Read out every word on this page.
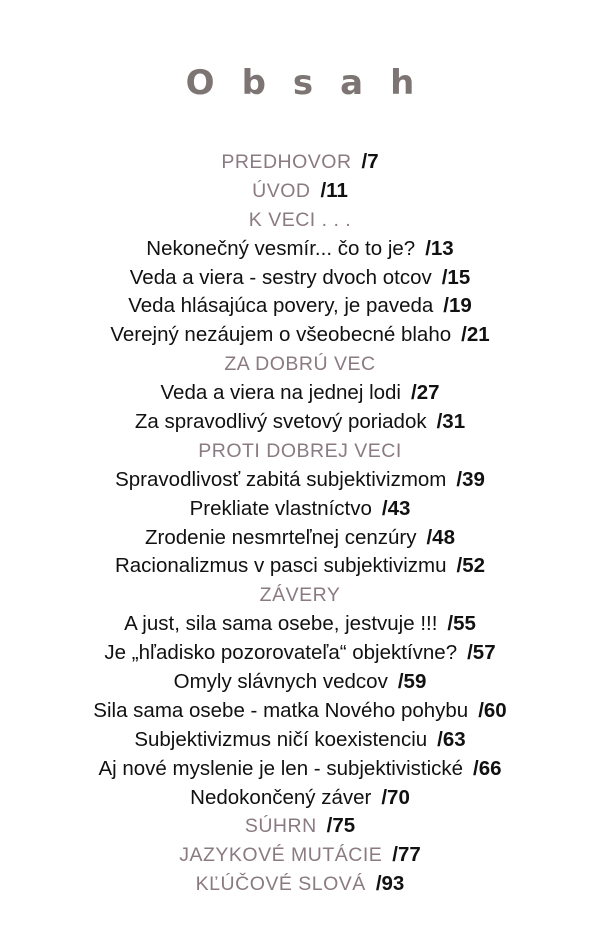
Obsah
PREDHOVOR /7
ÚVOD /11
K VECI . . .
Nekonečný vesmír... čo to je? /13
Veda a viera - sestry dvoch otcov /15
Veda hlásajúca povery, je paveda /19
Verejný nezáujem o všeobecné blaho /21
ZA DOBRÚ VEC
Veda a viera na jednej lodi /27
Za spravodlivý svetový poriadok /31
PROTI DOBREJ VECI
Spravodlivosť zabitá subjektivizmom /39
Prekliate vlastníctvo /43
Zrodenie nesmrteľnej cenzúry /48
Racionalizmus v pasci subjektivizmu /52
ZÁVERY
A just, sila sama osebe, jestvuje !!! /55
Je „hľadisko pozorovateľa“ objektívne? /57
Omyly slávnych vedcov /59
Sila sama osebe - matka Nového pohybu /60
Subjektivizmus ničí koexistenciu /63
Aj nové myslenie je len - subjektivistické /66
Nedokončený záver /70
SÚHRN /75
JAZYKOVÉ MUTÁCIE /77
KĽÚČOVÉ SLOVÁ /93
